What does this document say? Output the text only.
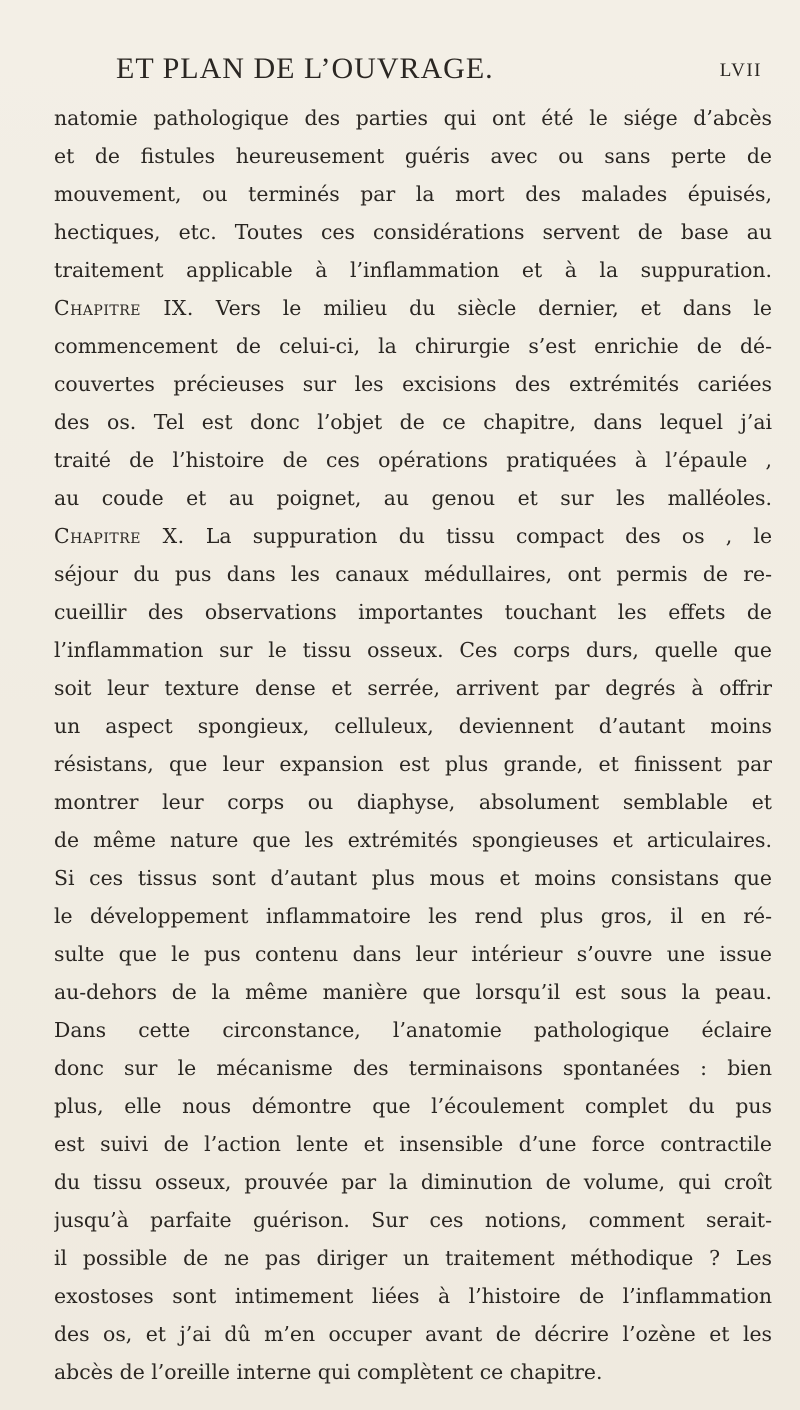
ET PLAN DE L’OUVRAGE.	LVII
natomie pathologique des parties qui ont été le siége d’abcès
et de fistules heureusement guéris avec ou sans perte de
mouvement, ou terminés par la mort des malades épuisés,
hectiques, etc. Toutes ces considérations servent de base au
traitement applicable à l’inflammation et à la suppuration.
Chapitre IX. Vers le milieu du siècle dernier, et dans le
commencement de celui-ci, la chirurgie s’est enrichie de dé-
couvertes précieuses sur les excisions des extrémités cariées
des os. Tel est donc l’objet de ce chapitre, dans lequel j’ai
traité de l’histoire de ces opérations pratiquées à l’épaule ,
au coude et au poignet, au genou et sur les malléoles.
Chapitre X. La suppuration du tissu compact des os , le
séjour du pus dans les canaux médullaires, ont permis de re-
cueillir des observations importantes touchant les effets de
l’inflammation sur le tissu osseux. Ces corps durs, quelle que
soit leur texture dense et serrée, arrivent par degrés à offrir
un aspect spongieux, celluleux, deviennent d’autant moins
résistans, que leur expansion est plus grande, et finissent par
montrer leur corps ou diaphyse, absolument semblable et
de même nature que les extrémités spongieuses et articulaires.
Si ces tissus sont d’autant plus mous et moins consistans que
le développement inflammatoire les rend plus gros, il en ré-
sulte que le pus contenu dans leur intérieur s’ouvre une issue
au-dehors de la même manière que lorsqu’il est sous la peau.
Dans cette circonstance, l’anatomie pathologique éclaire
donc sur le mécanisme des terminaisons spontanées : bien
plus, elle nous démontre que l’écoulement complet du pus
est suivi de l’action lente et insensible d’une force contractile
du tissu osseux, prouvée par la diminution de volume, qui croît
jusqu’à parfaite guérison. Sur ces notions, comment serait-
il possible de ne pas diriger un traitement méthodique ? Les
exostoses sont intimement liées à l’histoire de l’inflammation
des os, et j’ai dû m’en occuper avant de décrire l’ozène et les
abcès de l’oreille interne qui complètent ce chapitre.
